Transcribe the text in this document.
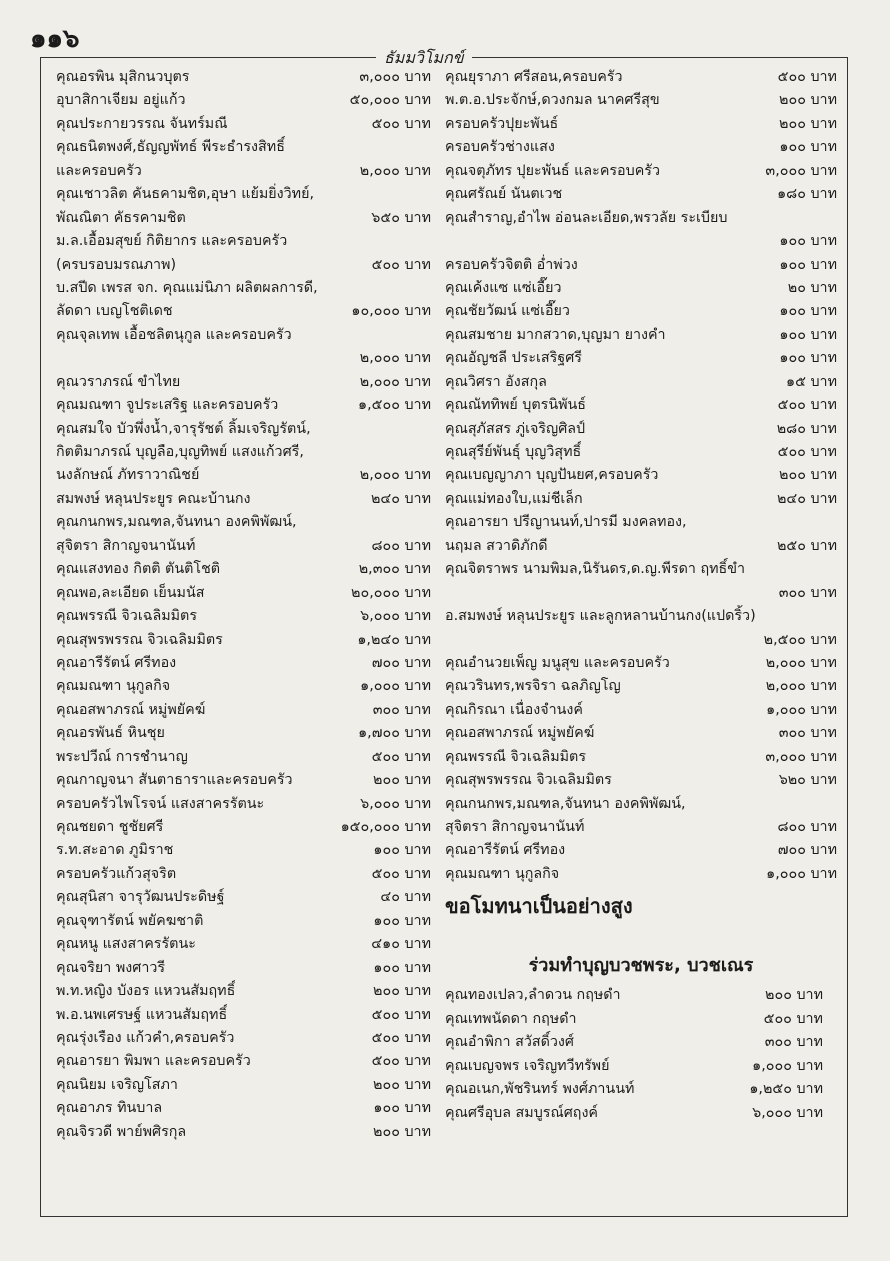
๑๑๖
ธัมมวิโมกข์
คุณอรพิน มุสิกนวบุตร	๓,๐๐๐ บาท
อุบาสิกาเจียม อยู่แก้ว	๕๐,๐๐๐ บาท
คุณประกายวรรณ จันทร์มณี	๕๐๐ บาท
คุณธนิตพงศ์,ธัญญพัทธ์ พีระธำรงสิทธิ์
และครอบครัว	๒,๐๐๐ บาท
คุณเชาวลิต คันธคามชิต,อุษา แย้มยิ่งวิทย์,
พัณณิตา คัธรคามชิต	๖๕๐ บาท
ม.ล.เอื้อมสุขย์ กิติยากร และครอบครัว
(ครบรอบมรณภาพ)	๕๐๐ บาท
บ.สปีด เพรส จก. คุณแม่นิภา ผลิตผลการดี,
ลัดดา เบญโชติเดช	๑๐,๐๐๐ บาท
คุณจุลเทพ เอื้อชลิตนุกูล และครอบครัว
๒,๐๐๐ บาท
คุณวราภรณ์ ขำไทย	๒,๐๐๐ บาท
คุณมณฑา จูประเสริฐ และครอบครัว	๑,๕๐๐ บาท
คุณสมใจ บัวพึ่งน้ำ,จารุรัชต์ ลิ้มเจริญรัตน์,
กิตติมาภรณ์ บุญลือ,บุญทิพย์ แสงแก้วศรี,
นงลักษณ์ ภัทราวาณิชย์	๒,๐๐๐ บาท
สมพงษ์ หลุนประยูร คณะบ้านกง	๒๔๐ บาท
คุณกนกพร,มณฑล,จันทนา องคพิพัฒน์,
สุจิตรา สิกาญจนานันท์	๘๐๐ บาท
คุณแสงทอง กิตติ ตันติโชติ	๒,๓๐๐ บาท
คุณพอ,ละเอียด เย็นมนัส	๒๐,๐๐๐ บาท
คุณพรรณี จิวเฉลิมมิตร	๖,๐๐๐ บาท
คุณสุพรพรรณ จิวเฉลิมมิตร	๑,๒๔๐ บาท
คุณอารีรัตน์ ศรีทอง	๗๐๐ บาท
คุณมณฑา นุกูลกิจ	๑,๐๐๐ บาท
คุณอสพาภรณ์ หมู่พยัคฆ์	๓๐๐ บาท
คุณอรพันธ์ หินชุย	๑,๗๐๐ บาท
พระปวีณ์ การชำนาญ	๕๐๐ บาท
คุณกาญจนา สันตาธาราและครอบครัว	๒๐๐ บาท
ครอบครัวไพโรจน์ แสงสาครรัตนะ	๖,๐๐๐ บาท
คุณชยดา ชูชัยศรี	๑๕๐,๐๐๐ บาท
ร.ท.สะอาด ภูมิราช	๑๐๐ บาท
ครอบครัวแก้วสุจริต	๕๐๐ บาท
คุณสุนิสา จารุวัฒนประดิษฐ์	๔๐ บาท
คุณจุฑารัตน์ พยัคฆชาติ	๑๐๐ บาท
คุณหนู แสงสาครรัตนะ	๔๑๐ บาท
คุณจริยา พงศาวรี	๑๐๐ บาท
พ.ท.หญิง บังอร แหวนสัมฤทธิ์	๒๐๐ บาท
พ.อ.นพเศรษฐ์ แหวนสัมฤทธิ์	๕๐๐ บาท
คุณรุ่งเรือง แก้วคำ,ครอบครัว	๕๐๐ บาท
คุณอารยา พิมพา และครอบครัว	๕๐๐ บาท
คุณนิยม เจริญโสภา	๒๐๐ บาท
คุณอาภร ทินบาล	๑๐๐ บาท
คุณจิรวดี พาย์พศิรกุล	๒๐๐ บาท
คุณยุราภา ศรีสอน,ครอบครัว	๕๐๐ บาท
พ.ต.อ.ประจักษ์,ดวงกมล นาคศรีสุข	๒๐๐ บาท
ครอบครัวปุยะพันธ์	๒๐๐ บาท
ครอบครัวช่างแสง	๑๐๐ บาท
คุณจตุภัทร ปุยะพันธ์ และครอบครัว	๓,๐๐๐ บาท
คุณศรัณย์ นันตเวช	๑๘๐ บาท
คุณสำราญ,อำไพ อ่อนละเอียด,พรวลัย ระเบียบ
๑๐๐ บาท
ครอบครัวจิตติ อ่ำพ่วง	๑๐๐ บาท
คุณเค้งแซ แซ่เอี๊ยว	๒๐ บาท
คุณชัยวัฒน์ แซ่เอี๊ยว	๑๐๐ บาท
คุณสมชาย มากสวาด,บุญมา ยางคำ	๑๐๐ บาท
คุณอัญชลี ประเสริฐศรี	๑๐๐ บาท
คุณวิศรา อังสกุล	๑๕ บาท
คุณณัททิพย์ บุตรนิพันธ์	๕๐๐ บาท
คุณสุภัสสร ภู่เจริญศิลป์	๒๘๐ บาท
คุณสุรีย์พันธุ์ บุญวิสุทธิ์	๕๐๐ บาท
คุณเบญญาภา บุญปันยศ,ครอบครัว	๒๐๐ บาท
คุณแม่ทองใบ,แม่ชีเล็ก	๒๔๐ บาท
คุณอารยา ปรีญานนท์,ปารมี มงคลทอง,
นฤมล สวาดิภักดี	๒๕๐ บาท
คุณจิตราพร นามพิมล,นิรันดร,ด.ญ.พีรดา ฤทธิ์ขำ
๓๐๐ บาท
อ.สมพงษ์ หลุนประยูร และลูกหลานบ้านกง(แปดริ้ว)
๒,๕๐๐ บาท
คุณอำนวยเพ็ญ มนูสุข และครอบครัว	๒,๐๐๐ บาท
คุณวรินทร,พรจิรา ฉลภิญโญ	๒,๐๐๐ บาท
คุณกิรณา เนื่องจำนงค์	๑,๐๐๐ บาท
คุณอสพาภรณ์ หมู่พยัคฆ์	๓๐๐ บาท
คุณพรรณี จิวเฉลิมมิตร	๓,๐๐๐ บาท
คุณสุพรพรรณ จิวเฉลิมมิตร	๖๒๐ บาท
คุณกนกพร,มณฑล,จันทนา องคพิพัฒน์,
สุจิตรา สิกาญจนานันท์	๘๐๐ บาท
คุณอารีรัตน์ ศรีทอง	๗๐๐ บาท
คุณมณฑา นุกูลกิจ	๑,๐๐๐ บาท
ขอโมทนาเป็นอย่างสูง
ร่วมทำบุญบวชพระ, บวชเณร
คุณทองเปลว,ลำดวน กฤษดำ	๒๐๐ บาท
คุณเทพนัดดา กฤษดำ	๕๐๐ บาท
คุณอำพิกา สวัสดิ์วงศ์	๓๐๐ บาท
คุณเบญจพร เจริญทวีทรัพย์	๑,๐๐๐ บาท
คุณอเนก,พัชรินทร์ พงศ์ภานนท์	๑,๒๕๐ บาท
คุณศรีอุบล สมบูรณ์ศฤงค์	๖,๐๐๐ บาท
